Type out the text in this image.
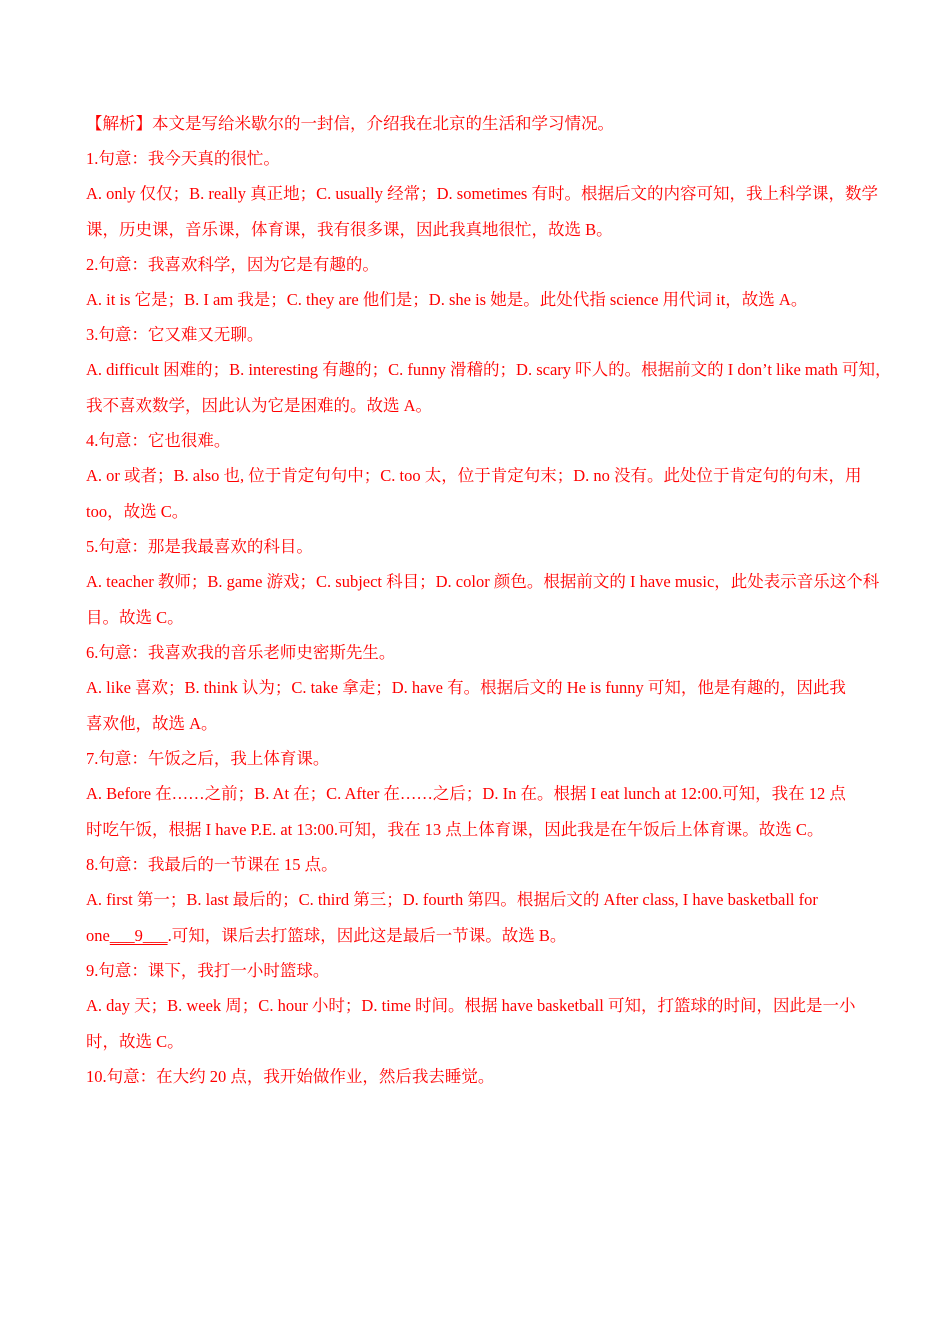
【解析】本文是写给米歇尔的一封信，介绍我在北京的生活和学习情况。
1.句意：我今天真的很忙。
A. only 仅仅；B. really 真正地；C. usually 经常；D. sometimes 有时。根据后文的内容可知，我上科学课，数学
课，历史课，音乐课，体育课，我有很多课，因此我真地很忙，故选 B。
2.句意：我喜欢科学，因为它是有趣的。
A. it is 它是；B. I am 我是；C. they are 他们是；D. she is 她是。此处代指 science 用代词 it，故选 A。
3.句意：它又难又无聊。
A. difficult 困难的；B. interesting 有趣的；C. funny 滑稽的；D. scary 吓人的。根据前文的 I don’t like math 可知，
我不喜欢数学，因此认为它是困难的。故选 A。
4.句意：它也很难。
A. or 或者；B. also 也, 位于肯定句句中；C. too 太，位于肯定句末；D. no 没有。此处位于肯定句的句末，用
too，故选 C。
5.句意：那是我最喜欢的科目。
A. teacher 教师；B. game 游戏；C. subject 科目；D. color 颜色。根据前文的 I have music，此处表示音乐这个科
目。故选 C。
6.句意：我喜欢我的音乐老师史密斯先生。
A. like 喜欢；B. think 认为；C. take 拿走；D. have 有。根据后文的 He is funny 可知，他是有趣的，因此我
喜欢他，故选 A。
7.句意：午饭之后，我上体育课。
A. Before 在……之前；B. At 在；C. After 在……之后；D. In 在。根据 I eat lunch at 12:00.可知，我在 12 点
时吃午饭，根据 I have P.E. at 13:00.可知，我在 13 点上体育课，因此我是在午饭后上体育课。故选 C。
8.句意：我最后的一节课在 15 点。
A. first 第一；B. last 最后的；C. third 第三；D. fourth 第四。根据后文的 After class, I have basketball for
one___9___.可知，课后去打篮球，因此这是最后一节课。故选 B。
9.句意：课下，我打一小时篮球。
A. day 天；B. week 周；C. hour 小时；D. time 时间。根据 have basketball 可知，打篮球的时间，因此是一小
时，故选 C。
10.句意：在大约 20 点，我开始做作业，然后我去睡觉。
